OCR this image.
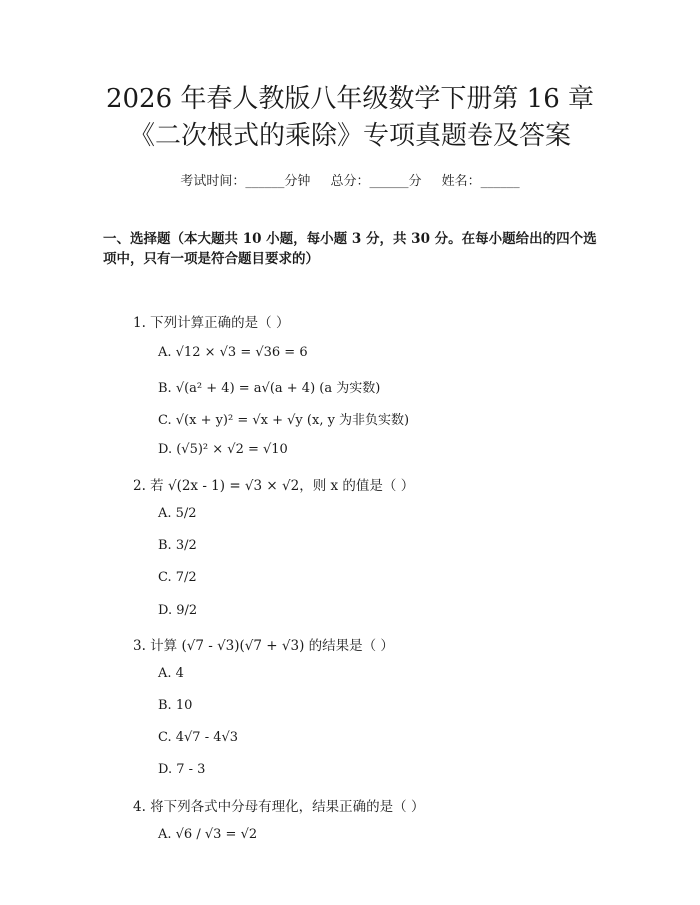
2026 年春人教版八年级数学下册第 16 章
《二次根式的乘除》专项真题卷及答案
考试时间：______分钟 总分：______分 姓名：______
一、选择题（本大题共 10 小题，每小题 3 分，共 30 分。在每小题给出的四个选项中，只有一项是符合题目要求的）
1. 下列计算正确的是（ ）
A. √12 × √3 = √36 = 6
B. √(a² + 4) = a√(a + 4) (a 为实数)
C. √(x + y)² = √x + √y (x, y 为非负实数)
D. (√5)² × √2 = √10
2. 若 √(2x - 1) = √3 × √2，则 x 的值是（ ）
A. 5/2
B. 3/2
C. 7/2
D. 9/2
3. 计算 (√7 - √3)(√7 + √3) 的结果是（ ）
A. 4
B. 10
C. 4√7 - 4√3
D. 7 - 3
4. 将下列各式中分母有理化，结果正确的是（ ）
A. √6 / √3 = √2
